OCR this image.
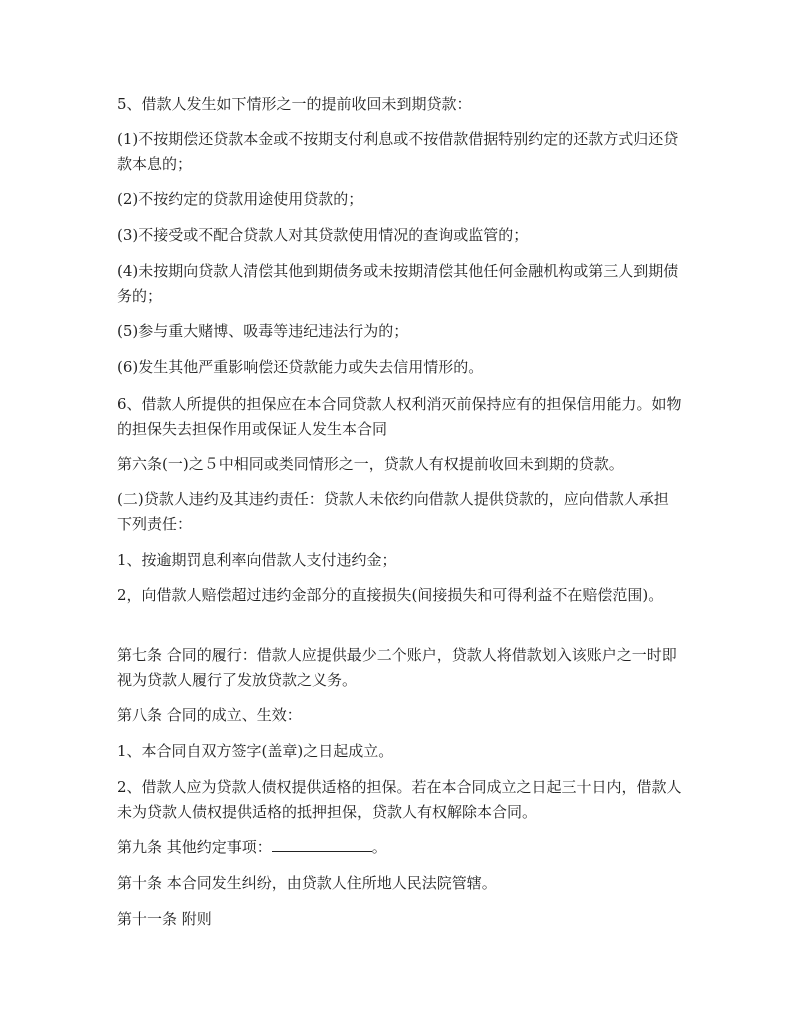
5、借款人发生如下情形之一的提前收回未到期贷款：

(1)不按期偿还贷款本金或不按期支付利息或不按借款借据特别约定的还款方式归还贷款本息的；

(2)不按约定的贷款用途使用贷款的；

(3)不接受或不配合贷款人对其贷款使用情况的查询或监管的；

(4)未按期向贷款人清偿其他到期债务或未按期清偿其他任何金融机构或第三人到期债务的；

(5)参与重大赌博、吸毒等违纪违法行为的；

(6)发生其他严重影响偿还贷款能力或失去信用情形的。

6、借款人所提供的担保应在本合同贷款人权利消灭前保持应有的担保信用能力。如物的担保失去担保作用或保证人发生本合同

第六条(一)之５中相同或类同情形之一，贷款人有权提前收回未到期的贷款。

(二)贷款人违约及其违约责任：贷款人未依约向借款人提供贷款的，应向借款人承担下列责任：

1、按逾期罚息利率向借款人支付违约金；

2，向借款人赔偿超过违约金部分的直接损失(间接损失和可得利益不在赔偿范围)。

第七条 合同的履行：借款人应提供最少二个账户，贷款人将借款划入该账户之一时即视为贷款人履行了发放贷款之义务。

第八条 合同的成立、生效：

1、本合同自双方签字(盖章)之日起成立。

2、借款人应为贷款人债权提供适格的担保。若在本合同成立之日起三十日内，借款人未为贷款人债权提供适格的抵押担保，贷款人有权解除本合同。

第九条 其他约定事项：	。

第十条 本合同发生纠纷，由贷款人住所地人民法院管辖。

第十一条 附则
